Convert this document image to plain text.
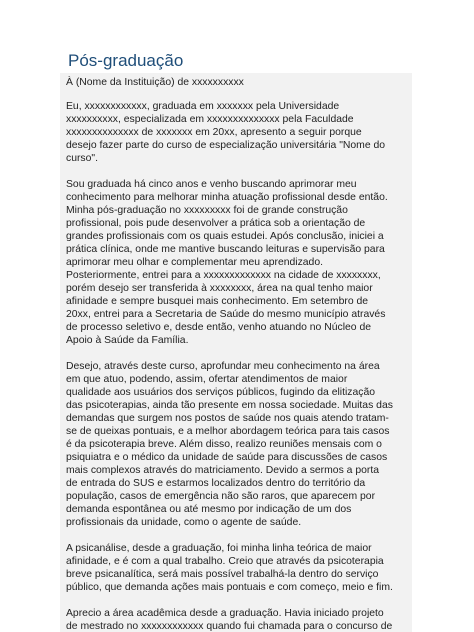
Pós-graduação

À (Nome da Instituição) de xxxxxxxxxx

Eu, xxxxxxxxxxxx, graduada em xxxxxxx pela Universidade
xxxxxxxxxx, especializada em xxxxxxxxxxxxxx pela Faculdade
xxxxxxxxxxxxxx de xxxxxxx em 20xx, apresento a seguir porque
desejo fazer parte do curso de especialização universitária "Nome do
curso".

Sou graduada há cinco anos e venho buscando aprimorar meu
conhecimento para melhorar minha atuação profissional desde então.
Minha pós-graduação no xxxxxxxxx foi de grande construção
profissional, pois pude desenvolver a prática sob a orientação de
grandes profissionais com os quais estudei. Após conclusão, iniciei a
prática clínica, onde me mantive buscando leituras e supervisão para
aprimorar meu olhar e complementar meu aprendizado.
Posteriormente, entrei para a xxxxxxxxxxxxx na cidade de xxxxxxxx,
porém desejo ser transferida à xxxxxxxx, área na qual tenho maior
afinidade e sempre busquei mais conhecimento. Em setembro de
20xx, entrei para a Secretaria de Saúde do mesmo município através
de processo seletivo e, desde então, venho atuando no Núcleo de
Apoio à Saúde da Família.

Desejo, através deste curso, aprofundar meu conhecimento na área
em que atuo, podendo, assim, ofertar atendimentos de maior
qualidade aos usuários dos serviços públicos, fugindo da elitização
das psicoterapias, ainda tão presente em nossa sociedade. Muitas das
demandas que surgem nos postos de saúde nos quais atendo tratam-
se de queixas pontuais, e a melhor abordagem teórica para tais casos
é da psicoterapia breve. Além disso, realizo reuniões mensais com o
psiquiatra e o médico da unidade de saúde para discussões de casos
mais complexos através do matriciamento. Devido a sermos a porta
de entrada do SUS e estarmos localizados dentro do território da
população, casos de emergência não são raros, que aparecem por
demanda espontânea ou até mesmo por indicação de um dos
profissionais da unidade, como o agente de saúde.

A psicanálise, desde a graduação, foi minha linha teórica de maior
afinidade, e é com a qual trabalho. Creio que através da psicoterapia
breve psicanalítica, será mais possível trabalhá-la dentro do serviço
público, que demanda ações mais pontuais e com começo, meio e fim.

Aprecio a área acadêmica desde a graduação. Havia iniciado projeto
de mestrado no xxxxxxxxxxxx quando fui chamada para o concurso de
